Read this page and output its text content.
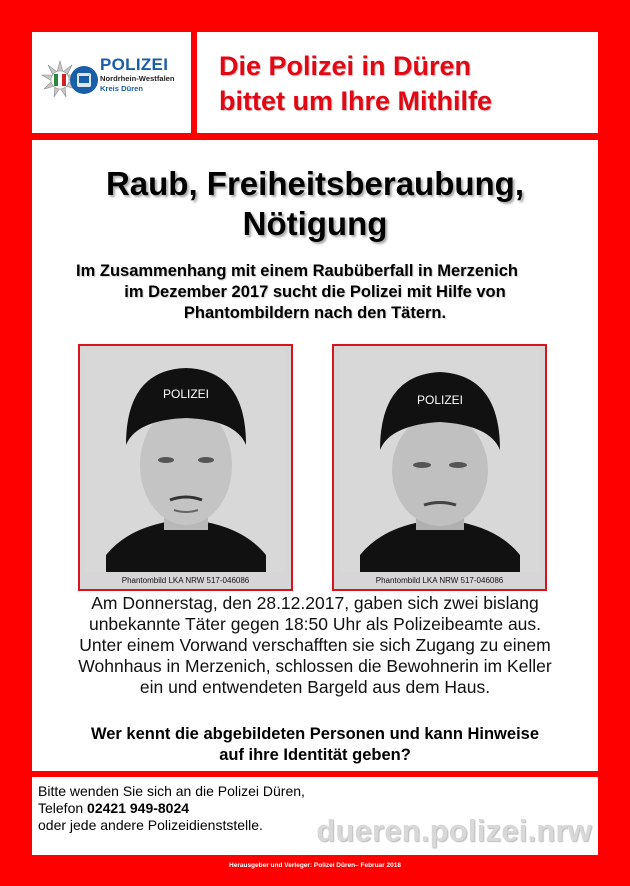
POLIZEI
Nordrhein-Westfalen
Kreis Düren
Die Polizei in Düren
bittet um Ihre Mithilfe
Raub, Freiheitsberaubung,
Nötigung
Im Zusammenhang mit einem Raubüberfall in Merzenich
im Dezember 2017 sucht die Polizei mit Hilfe von
Phantombildern nach den Tätern.
POLIZEI
Phantombild LKA NRW 517-046086
POLIZEI
Phantombild LKA NRW 517-046086
Am Donnerstag, den 28.12.2017, gaben sich zwei bislang
unbekannte Täter gegen 18:50 Uhr als Polizeibeamte aus.
Unter einem Vorwand verschafften sie sich Zugang zu einem
Wohnhaus in Merzenich, schlossen die Bewohnerin im Keller
ein und entwendeten Bargeld aus dem Haus.
Wer kennt die abgebildeten Personen und kann Hinweise
auf ihre Identität geben?
Bitte wenden Sie sich an die Polizei Düren,
Telefon 02421 949-8024
oder jede andere Polizeidienststelle.	dueren.polizei.nrw
Herausgeber und Verleger: Polizei Düren– Februar 2018
